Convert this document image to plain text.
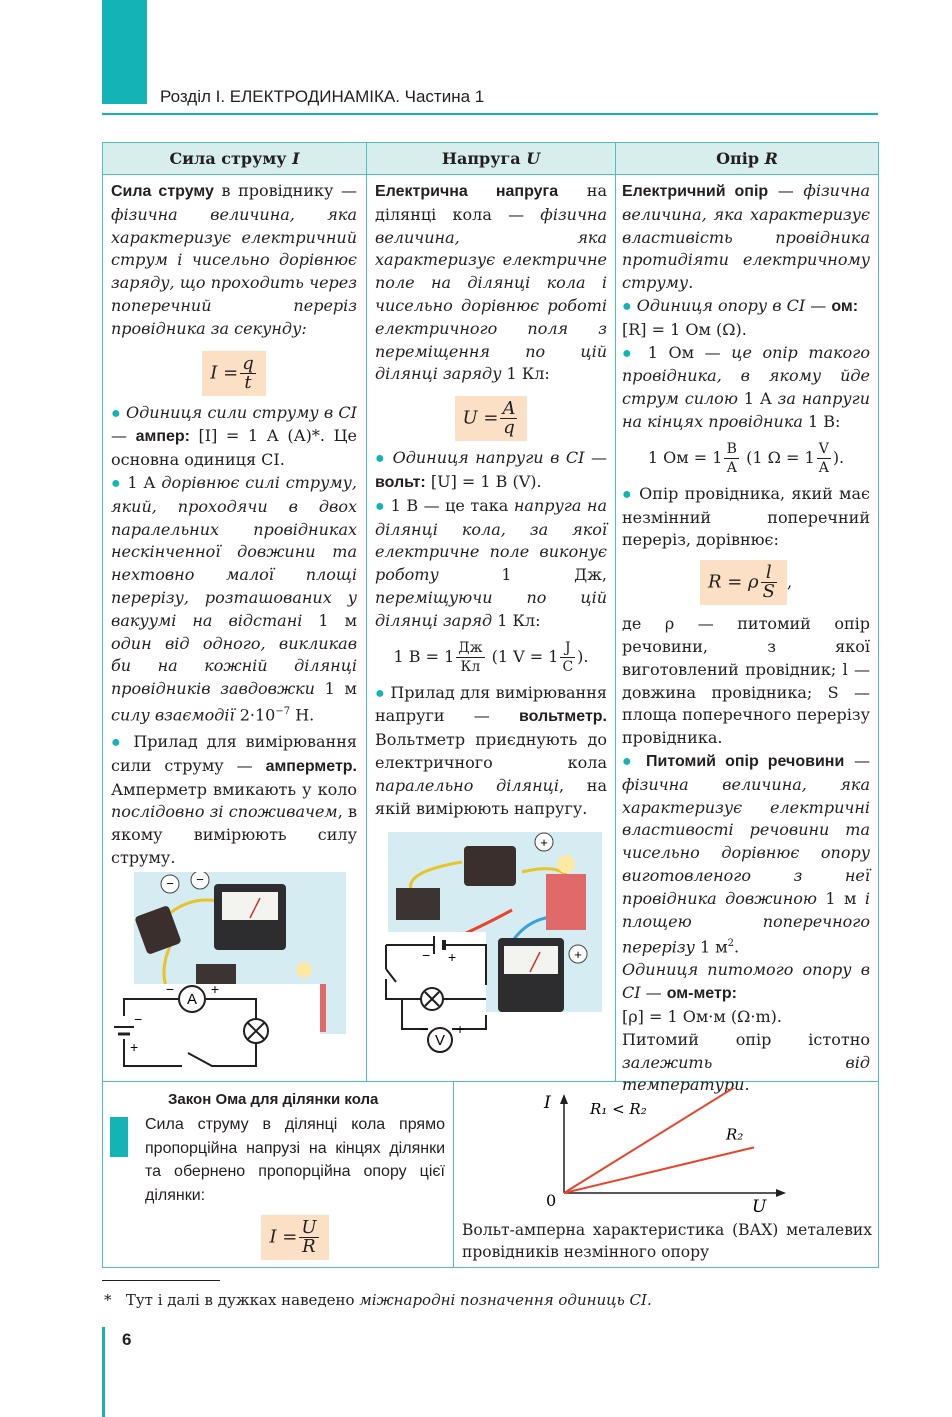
Розділ І. ЕЛЕКТРОДИНАМІКА. Частина 1
Сила струму I	Напруга U	Опір R

Сила струму в провіднику — фізична величина, яка характеризує електричний струм і чисельно дорівнює заряду, що проходить через поперечний переріз провідника за секунду:

$I = \frac{q}{t}$

● Одиниця сили струму в СІ — ампер: [I] = 1 А (А)*. Це основна одиниця СІ.

● 1 А дорівнює силі струму, який, проходячи в двох паралельних провідниках нескінченної довжини та нехтовно малої площі перерізу, розташованих у вакуумі на відстані 1 м один від одного, викликав би на кожній ділянці провідників завдовжки 1 м силу взаємодії $2\cdot 10^{-7}$ Н.

● Прилад для вимірювання сили струму — амперметр. Амперметр вмикають у коло послідовно зі споживачем, в якому вимірюють силу струму.

− −
A
−	+
−
+

Електрична напруга на ділянці кола — фізична величина, яка характеризує електричне поле на ділянці кола і чисельно дорівнює роботі електричного поля з переміщення по цій ділянці заряду 1 Кл:

$U = \frac{A}{q}$

● Одиниця напруги в СІ — вольт: [U] = 1 В (V).

● 1 В — це така напруга на ділянці кола, за якої електричне поле виконує роботу 1 Дж, переміщуючи по цій ділянці заряд 1 Кл:

1 $В = 1 \frac{Дж}{Кл} (1$ $V = 1 \frac{J}{C}$ ).

● Прилад для вимірювання напруги — вольтметр. Вольтметр приєднують до електричного кола паралельно ділянці, на якій вимірюють напругу.

+
+
− +
V
− +

Електричний опір — фізична величина, яка характеризує властивість провідника протидіяти електричному струму.

● Одиниця опору в СІ — ом:
[R] = 1 Ом (Ω).

● 1 Ом — це опір такого провідника, в якому йде струм силою 1 А за напруги на кінцях провідника 1 В:

1 Ом = $1 \frac{В}{А} (1$ $\Omega = 1 \frac{V}{A}$ ).

● Опір провідника, який має незмінний поперечний переріз, дорівнює:

R = ρ $\frac{l}{S}$ ,

де ρ — питомий опір речовини, з якої виготовлений провідник; l — довжина провідника; S — площа поперечного перерізу провідника.

● Питомий опір речовини — фізична величина, яка характеризує електричні властивості речовини та чисельно дорівнює опору виготовленого з неї провідника довжиною 1 м і площею поперечного перерізу 1 $м^2$.

Одиниця питомого опору в СІ — ом-метр:
[ρ] = 1 Ом·м (Ω·m).

Питомий опір істотно залежить від температури.

Закон Ома для ділянки кола

Сила струму в ділянці кола прямо пропорційна напрузі на кінцях ділянки та обернено пропорційна опору цієї ділянки:

$I = \frac{U}{R}$

I
U
0
R₁ < R₂
R₂
Вольт-амперна характеристика (ВАХ) металевих провідників незмінного опору
* Тут і далі в дужках наведено міжнародні позначення одиниць СІ.
6
